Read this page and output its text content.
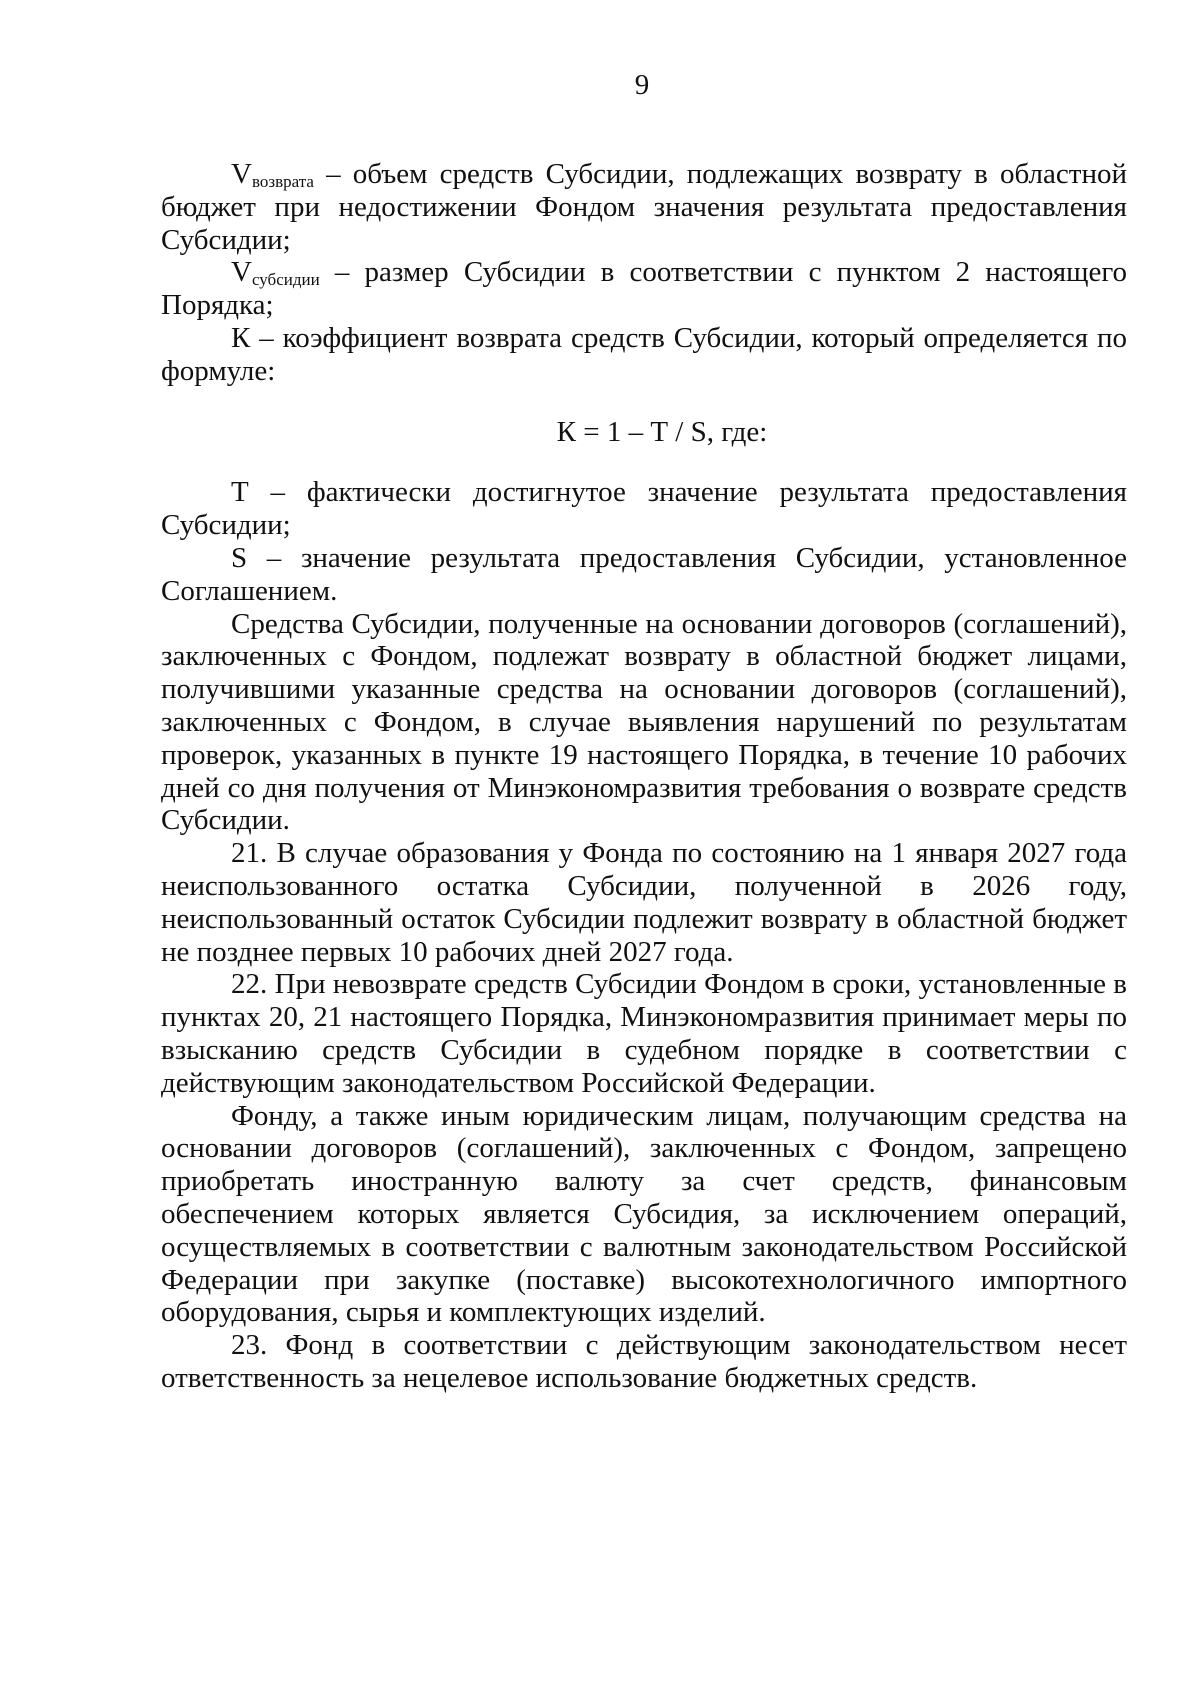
9

$V_{возврата}$ – объем средств Субсидии, подлежащих возврату в областной бюджет при недостижении Фондом значения результата предоставления Субсидии;

$V_{субсидии}$ – размер Субсидии в соответствии с пунктом 2 настоящего Порядка;

К – коэффициент возврата средств Субсидии, который определяется по формуле:

К = 1 – Т / S, где:

Т – фактически достигнутое значение результата предоставления Субсидии;

S – значение результата предоставления Субсидии, установленное Соглашением.

Средства Субсидии, полученные на основании договоров (соглашений), заключенных с Фондом, подлежат возврату в областной бюджет лицами, получившими указанные средства на основании договоров (соглашений), заключенных с Фондом, в случае выявления нарушений по результатам проверок, указанных в пункте 19 настоящего Порядка, в течение 10 рабочих дней со дня получения от Минэкономразвития требования о возврате средств Субсидии.

21. В случае образования у Фонда по состоянию на 1 января 2027 года неиспользованного остатка Субсидии, полученной в 2026 году, неиспользованный остаток Субсидии подлежит возврату в областной бюджет не позднее первых 10 рабочих дней 2027 года.

22. При невозврате средств Субсидии Фондом в сроки, установленные в пунктах 20, 21 настоящего Порядка, Минэкономразвития принимает меры по взысканию средств Субсидии в судебном порядке в соответствии с действующим законодательством Российской Федерации.

Фонду, а также иным юридическим лицам, получающим средства на основании договоров (соглашений), заключенных с Фондом, запрещено приобретать иностранную валюту за счет средств, финансовым обеспечением которых является Субсидия, за исключением операций, осуществляемых в соответствии с валютным законодательством Российской Федерации при закупке (поставке) высокотехнологичного импортного оборудования, сырья и комплектующих изделий.

23. Фонд в соответствии с действующим законодательством несет ответственность за нецелевое использование бюджетных средств.
